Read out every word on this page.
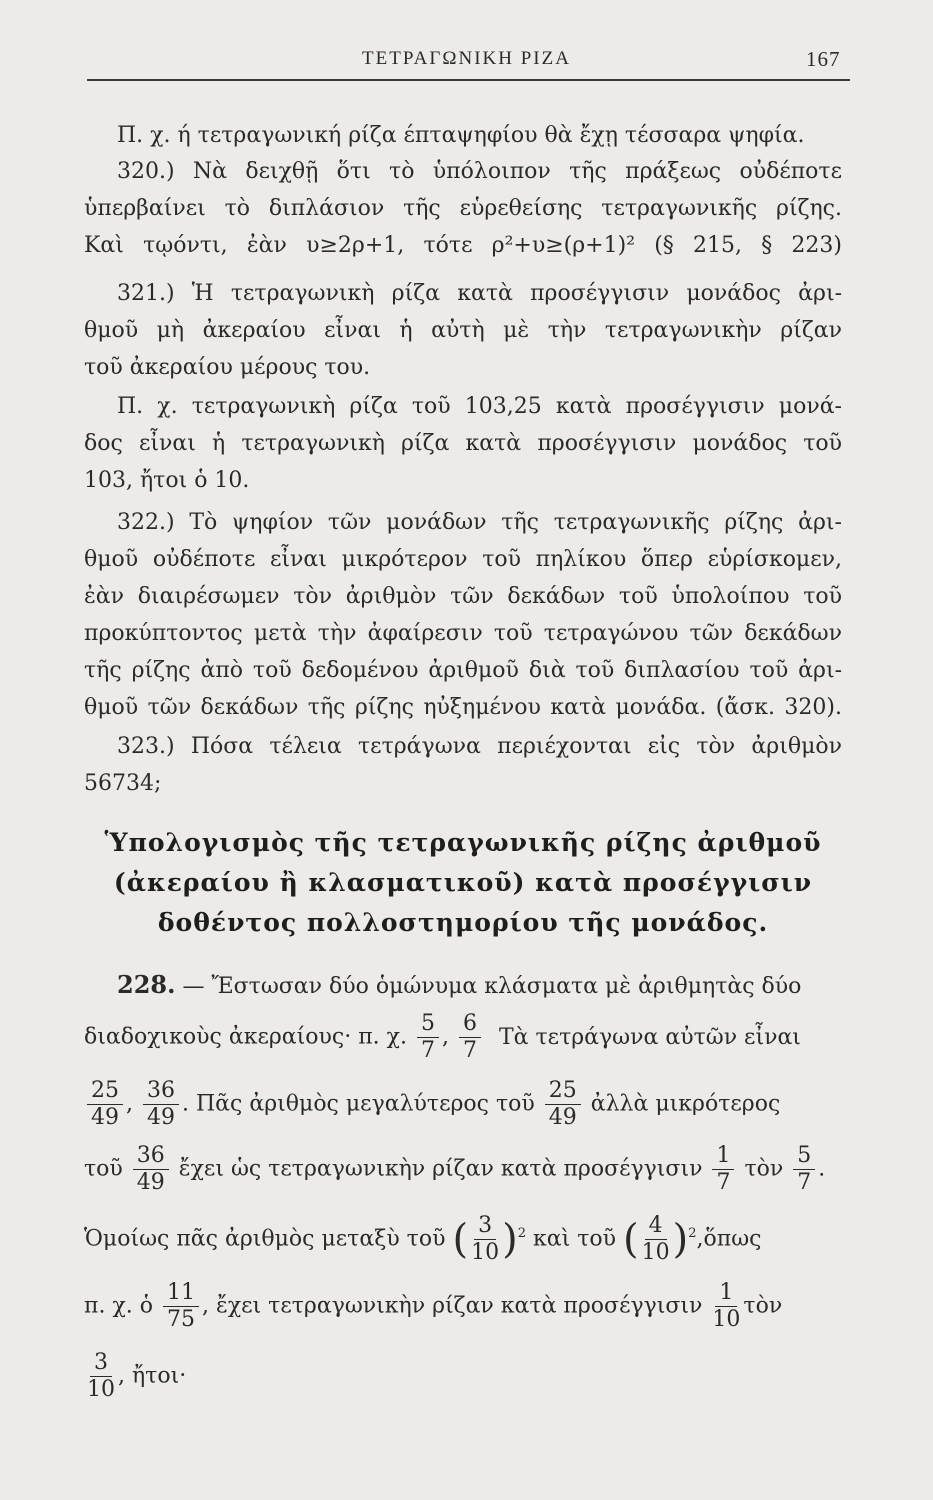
ΤΕΤΡΑΓΩΝΙΚΗ ΡΙΖΑ	167
Π. χ. ή τετραγωνική ρίζα έπταψηφίου θὰ ἔχῃ τέσσαρα ψηφία.
320.) Νὰ δειχθῇ ὅτι τὸ ὑπόλοιπον τῆς πράξεως οὐδέποτε
ὑπερβαίνει τὸ διπλάσιον τῆς εὑρεθείσης τετραγωνικῆς ρίζης.
Καὶ τῳόντι, ἐὰν υ≥2ρ+1, τότε ρ²+υ≥(ρ+1)² (§ 215, § 223)
321.) Ἡ τετραγωνικὴ ρίζα κατὰ προσέγγισιν μονάδος ἀρι-
θμοῦ μὴ ἀκεραίου εἶναι ἡ αὐτὴ μὲ τὴν τετραγωνικὴν ρίζαν
τοῦ ἀκεραίου μέρους του.
Π. χ. τετραγωνικὴ ρίζα τοῦ 103,25 κατὰ προσέγγισιν μονά-
δος εἶναι ἡ τετραγωνικὴ ρίζα κατὰ προσέγγισιν μονάδος τοῦ
103, ἤτοι ὁ 10.
322.) Τὸ ψηφίον τῶν μονάδων τῆς τετραγωνικῆς ρίζης ἀρι-
θμοῦ οὐδέποτε εἶναι μικρότερον τοῦ πηλίκου ὅπερ εὑρίσκομεν,
ἐὰν διαιρέσωμεν τὸν ἀριθμὸν τῶν δεκάδων τοῦ ὑπολοίπου τοῦ
προκύπτοντος μετὰ τὴν ἀφαίρεσιν τοῦ τετραγώνου τῶν δεκάδων
τῆς ρίζης ἀπὸ τοῦ δεδομένου ἀριθμοῦ διὰ τοῦ διπλασίου τοῦ ἀρι-
θμοῦ τῶν δεκάδων τῆς ρίζης ηὐξημένου κατὰ μονάδα. (ἄσκ. 320).
323.) Πόσα τέλεια τετράγωνα περιέχονται εἰς τὸν ἀριθμὸν
56734;
Ὑπολογισμὸς τῆς τετραγωνικῆς ρίζης ἀριθμοῦ
(ἀκεραίου ἢ κλασματικοῦ) κατὰ προσέγγισιν
δοθέντος πολλοστημορίου τῆς μονάδος.
228. — Ἔστωσαν δύο ὁμώνυμα κλάσματα μὲ ἀριθμητὰς δύο
διαδοχικοὺς ἀκεραίους· π. χ. $\frac{5}{7}$ , $\frac{6}{7}$ Τὰ τετράγωνα αὐτῶν εἶναι
$\frac{25}{49}$ , $\frac{36}{49}$ . Πᾶς ἀριθμὸς μεγαλύτερος τοῦ $\frac{25}{49}$ ἀλλὰ μικρότερος
τοῦ $\frac{36}{49}$ ἔχει ὡς τετραγωνικὴν ρίζαν κατὰ προσέγγισιν $\frac{1}{7}$ τὸν $\frac{5}{7}$ .
Ὁμοίως πᾶς ἀριθμὸς μεταξὺ τοῦ ( $\frac{3}{10} )^2$ καὶ τοῦ ( $\frac{4}{10}$ )$^2$,ὅπως
π. χ. ὁ $\frac{11}{75}$ , ἔχει τετραγωνικὴν ρίζαν κατὰ προσέγγισιν $\frac{1}{10}$ τὸν
$\frac{3}{10}$ , ἤτοι·
